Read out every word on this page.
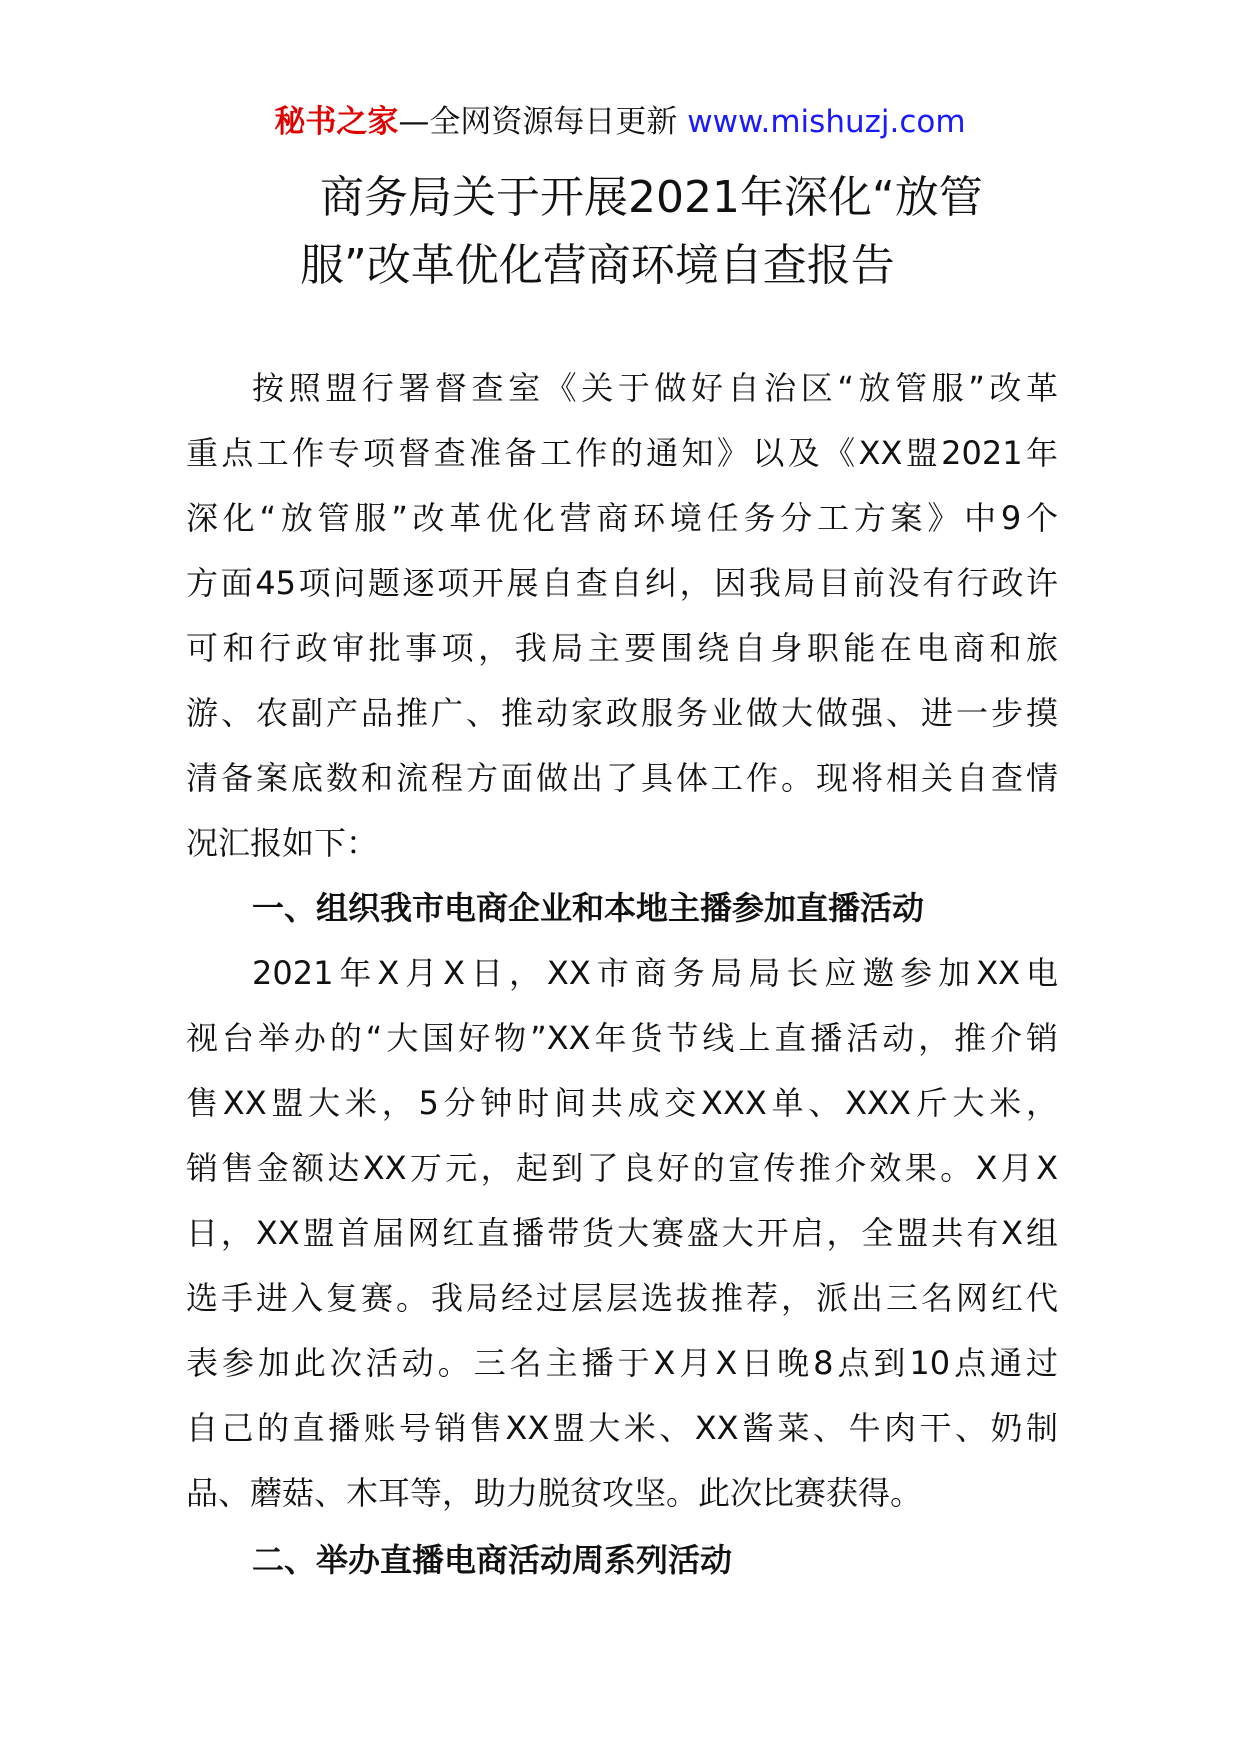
秘书之家—全网资源每日更新 www.mishuzj.com
商务局关于开展2021年深化“放管
服”改革优化营商环境自查报告
按照盟行署督查室《关于做好自治区“放管服”改革
重点工作专项督查准备工作的通知》以及《XX盟2021年
深化“放管服”改革优化营商环境任务分工方案》中9个
方面45项问题逐项开展自查自纠，因我局目前没有行政许
可和行政审批事项，我局主要围绕自身职能在电商和旅
游、农副产品推广、推动家政服务业做大做强、进一步摸
清备案底数和流程方面做出了具体工作。现将相关自查情
况汇报如下：
一、组织我市电商企业和本地主播参加直播活动
2021年X月X日，XX市商务局局长应邀参加XX电
视台举办的“大国好物”XX年货节线上直播活动，推介销
售XX盟大米，5分钟时间共成交XXX单、XXX斤大米，
销售金额达XX万元，起到了良好的宣传推介效果。X月X
日，XX盟首届网红直播带货大赛盛大开启，全盟共有X组
选手进入复赛。我局经过层层选拔推荐，派出三名网红代
表参加此次活动。三名主播于X月X日晚8点到10点通过
自己的直播账号销售XX盟大米、XX酱菜、牛肉干、奶制
品、蘑菇、木耳等，助力脱贫攻坚。此次比赛获得。
二、举办直播电商活动周系列活动
